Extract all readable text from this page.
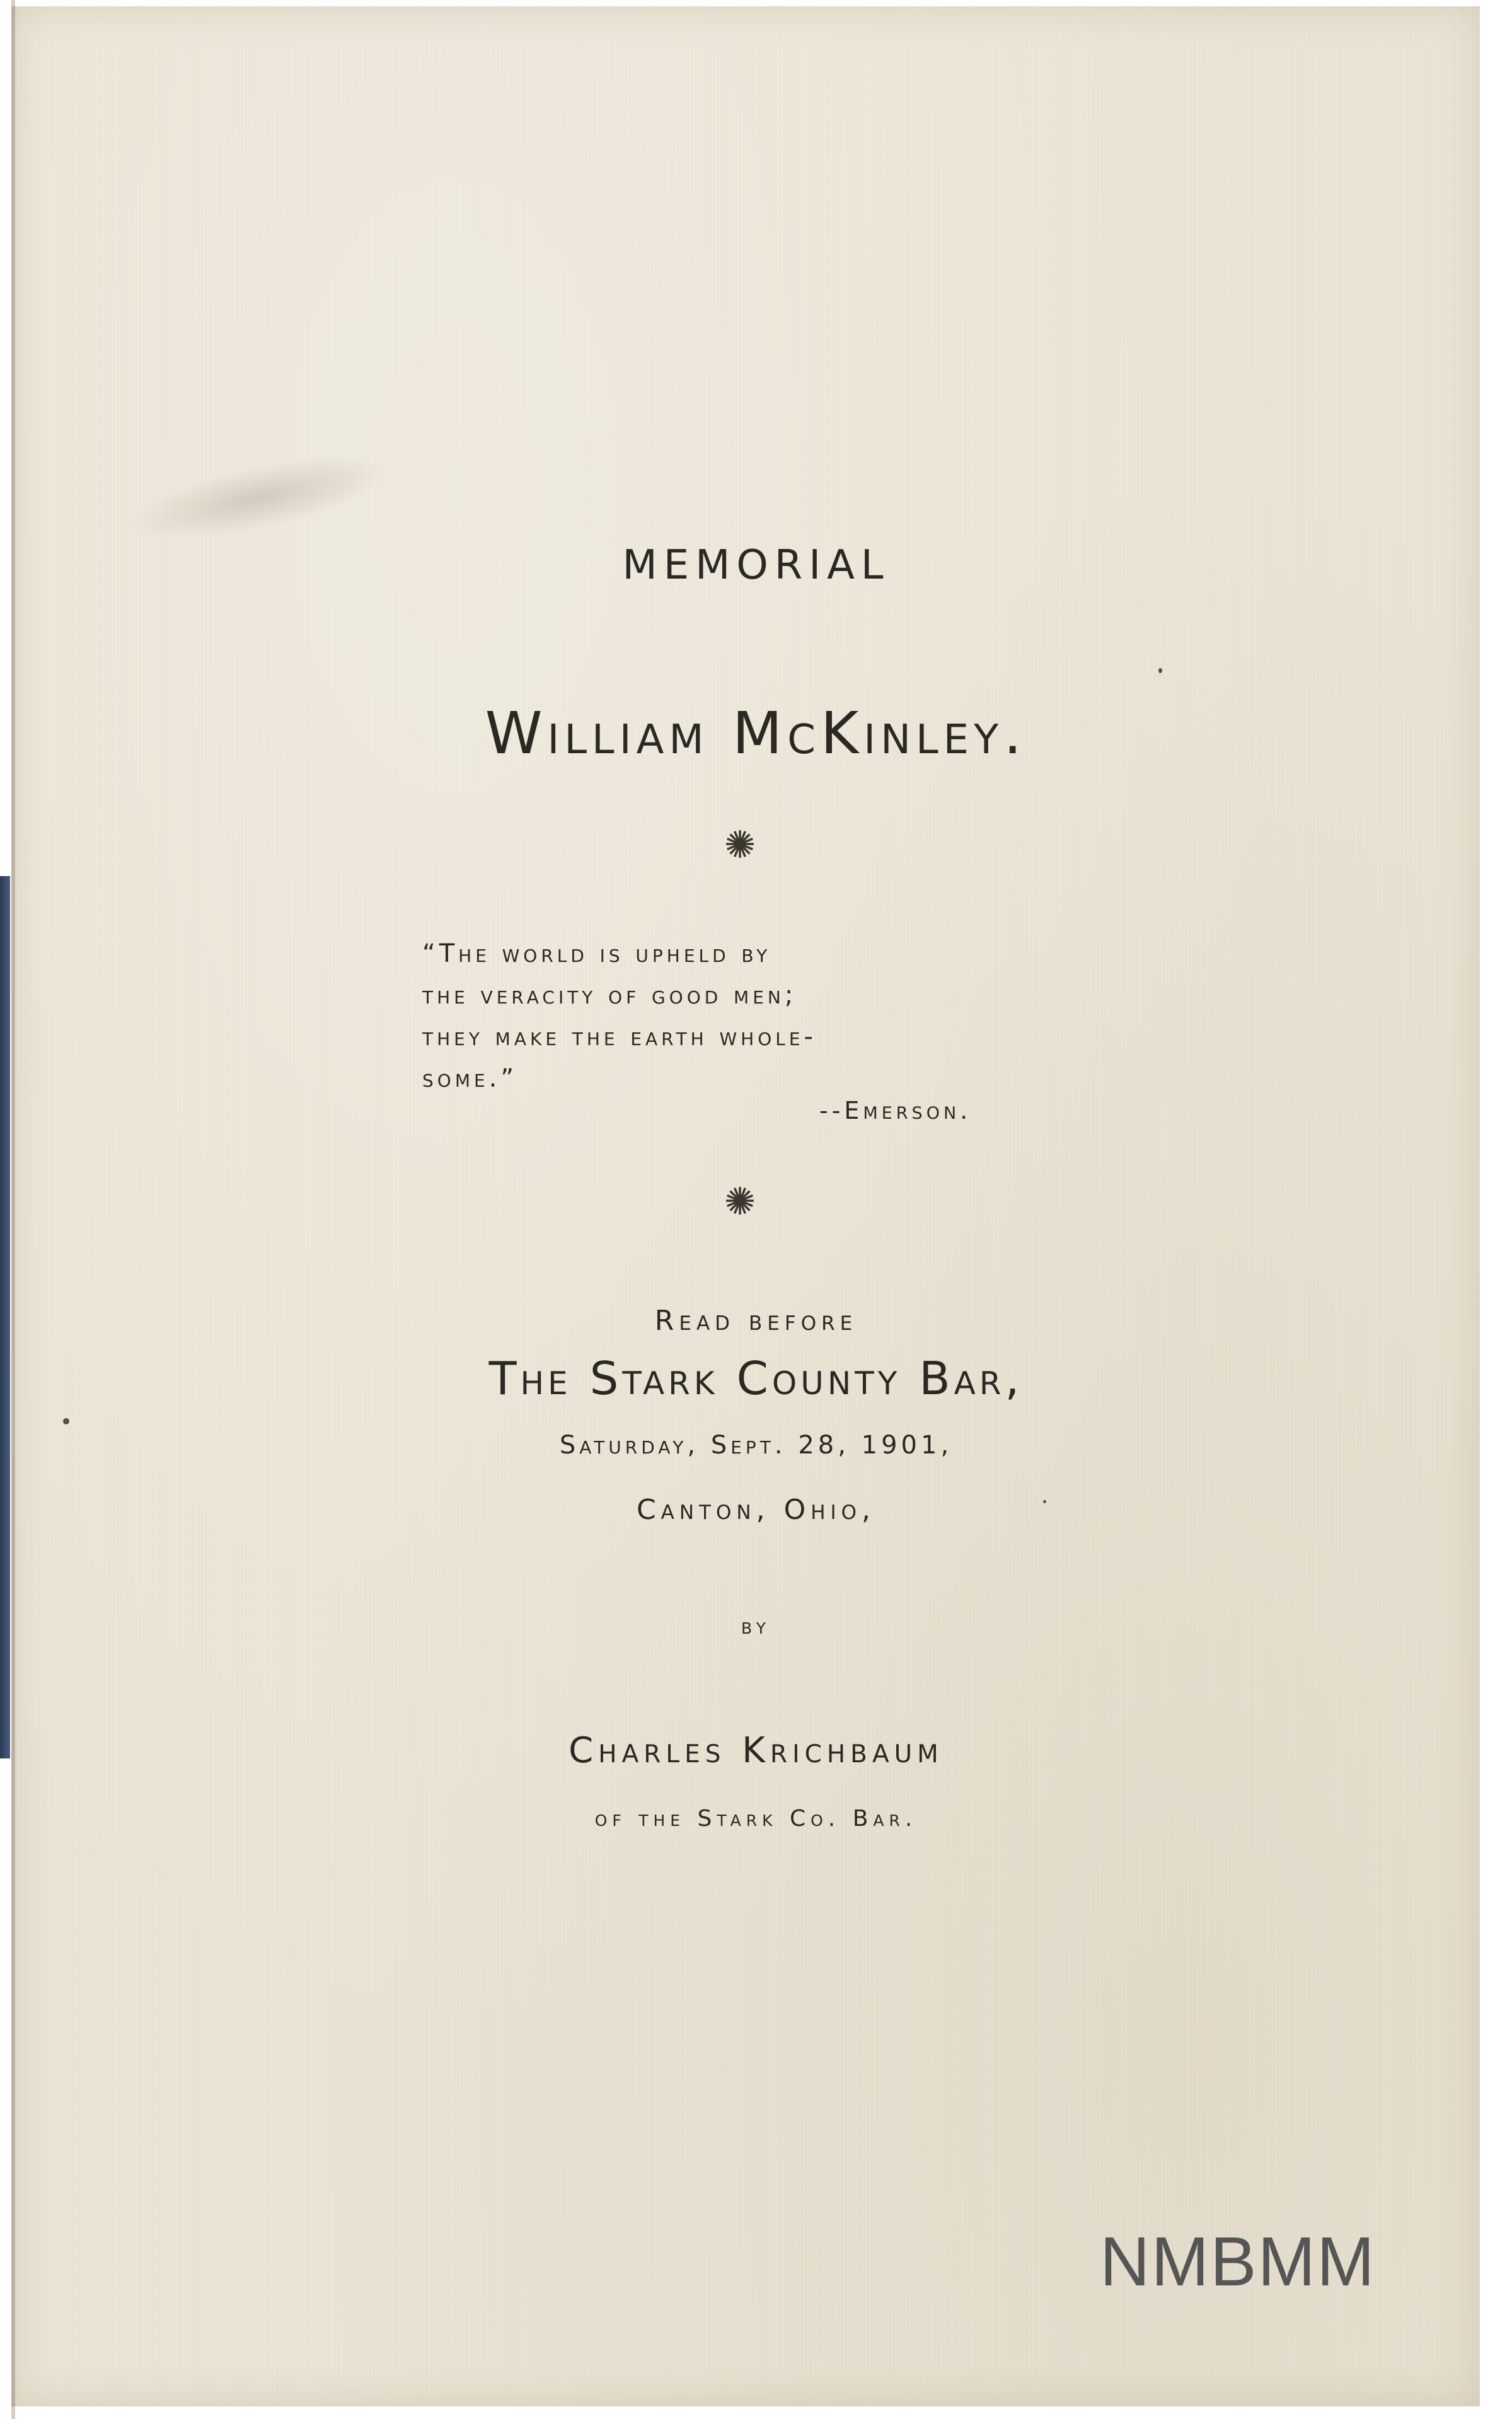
MEMORIAL
William McKinley.
✺
“The world is upheld by
the veracity of good men;
they make the earth whole-
some.”
--Emerson.
✺
Read before
The Stark County Bar,
Saturday, Sept. 28, 1901,
Canton, Ohio,
by
Charles Krichbaum
of the Stark Co. Bar.
NMBMM
